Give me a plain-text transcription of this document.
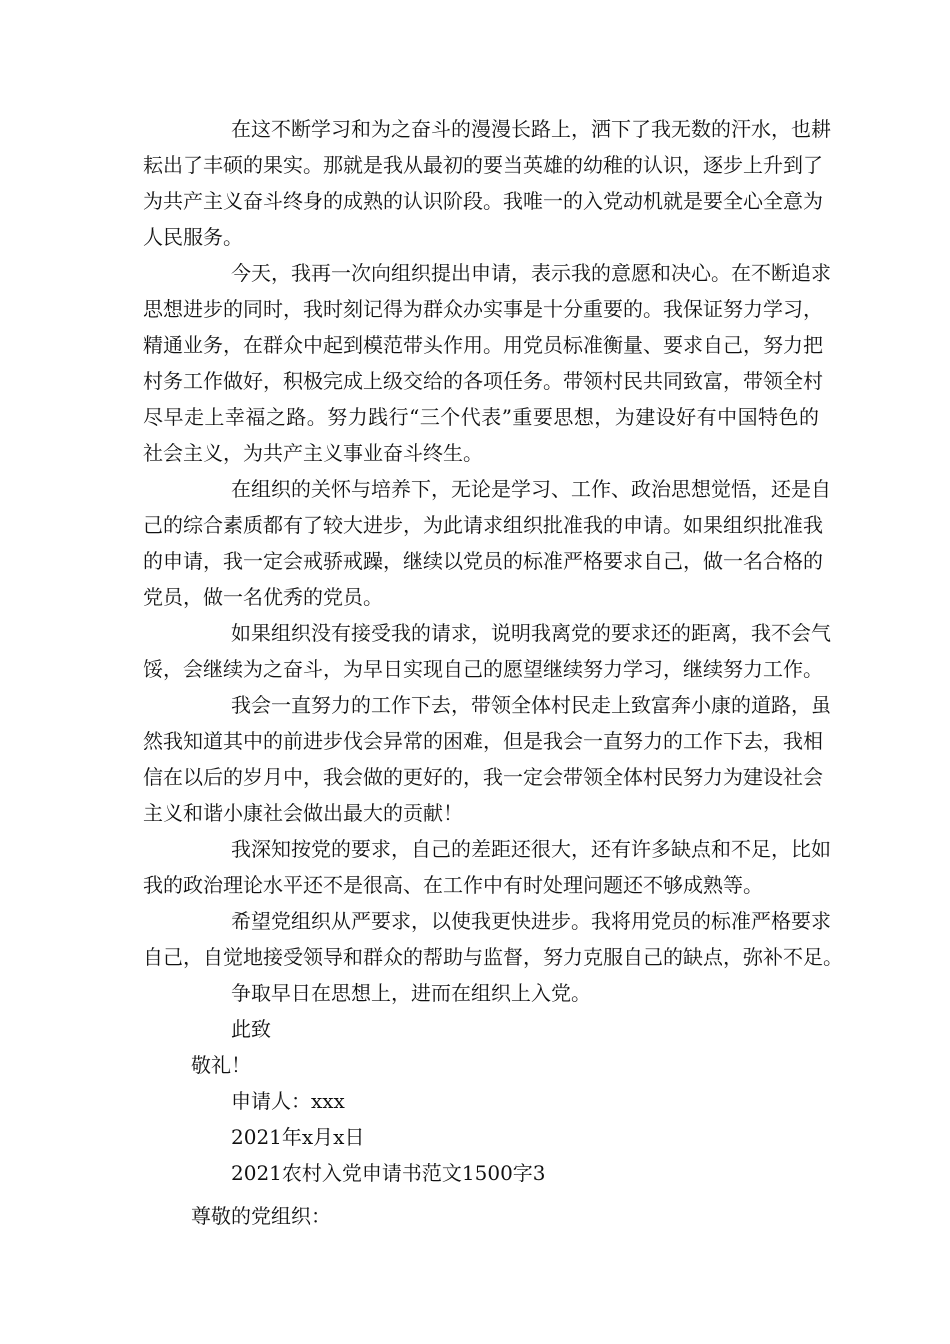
在这不断学习和为之奋斗的漫漫长路上，洒下了我无数的汗水，也耕
耘出了丰硕的果实。那就是我从最初的要当英雄的幼稚的认识，逐步上升到了
为共产主义奋斗终身的成熟的认识阶段。我唯一的入党动机就是要全心全意为
人民服务。
今天，我再一次向组织提出申请，表示我的意愿和决心。在不断追求
思想进步的同时，我时刻记得为群众办实事是十分重要的。我保证努力学习，
精通业务，在群众中起到模范带头作用。用党员标准衡量、要求自己，努力把
村务工作做好，积极完成上级交给的各项任务。带领村民共同致富，带领全村
尽早走上幸福之路。努力践行“三个代表”重要思想，为建设好有中国特色的
社会主义，为共产主义事业奋斗终生。
在组织的关怀与培养下，无论是学习、工作、政治思想觉悟，还是自
己的综合素质都有了较大进步，为此请求组织批准我的申请。如果组织批准我
的申请，我一定会戒骄戒躁，继续以党员的标准严格要求自己，做一名合格的
党员，做一名优秀的党员。
如果组织没有接受我的请求，说明我离党的要求还的距离，我不会气
馁，会继续为之奋斗，为早日实现自己的愿望继续努力学习，继续努力工作。
我会一直努力的工作下去，带领全体村民走上致富奔小康的道路，虽
然我知道其中的前进步伐会异常的困难，但是我会一直努力的工作下去，我相
信在以后的岁月中，我会做的更好的，我一定会带领全体村民努力为建设社会
主义和谐小康社会做出最大的贡献！
我深知按党的要求，自己的差距还很大，还有许多缺点和不足，比如
我的政治理论水平还不是很高、在工作中有时处理问题还不够成熟等。
希望党组织从严要求，以使我更快进步。我将用党员的标准严格要求
自己，自觉地接受领导和群众的帮助与监督，努力克服自己的缺点，弥补不足。
争取早日在思想上，进而在组织上入党。
此致
敬礼！
申请人：xxx
2021年x月x日
2021农村入党申请书范文1500字3
尊敬的党组织：
